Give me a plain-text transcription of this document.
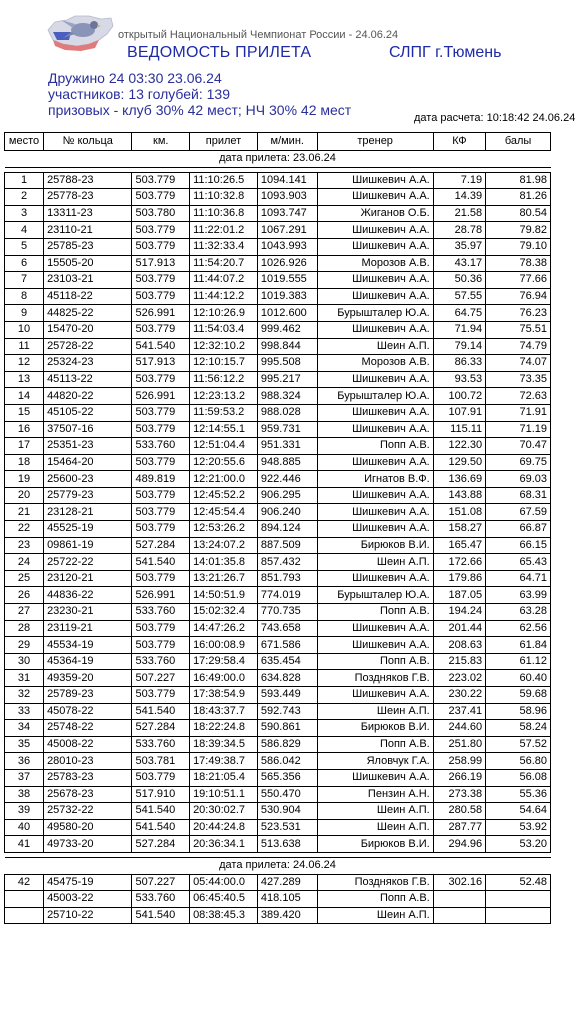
открытый Национальный Чемпионат России - 24.06.24
ВЕДОМОСТЬ ПРИЛЕТА	СЛПГ г.Тюмень
Дружино 24 03:30 23.06.24
участников: 13 голубей: 139
призовых - клуб 30% 42 мест; НЧ 30% 42 мест	дата расчета: 10:18:42 24.06.24
место	№ кольца	км.	прилет	м/мин.	тренер	КФ	балы
дата прилета: 23.06.24							

1	25788-23	503.779	11:10:26.5	1094.141	Шишкевич А.А.	7.19	81.98
2	25778-23	503.779	11:10:32.8	1093.903	Шишкевич А.А.	14.39	81.26
3	13311-23	503.780	11:10:36.8	1093.747	Жиганов О.Б.	21.58	80.54
4	23110-21	503.779	11:22:01.2	1067.291	Шишкевич А.А.	28.78	79.82
5	25785-23	503.779	11:32:33.4	1043.993	Шишкевич А.А.	35.97	79.10
6	15505-20	517.913	11:54:20.7	1026.926	Морозов А.В.	43.17	78.38
7	23103-21	503.779	11:44:07.2	1019.555	Шишкевич А.А.	50.36	77.66
8	45118-22	503.779	11:44:12.2	1019.383	Шишкевич А.А.	57.55	76.94
9	44825-22	526.991	12:10:26.9	1012.600	Бурышталер Ю.А.	64.75	76.23
10	15470-20	503.779	11:54:03.4	999.462	Шишкевич А.А.	71.94	75.51
11	25728-22	541.540	12:32:10.2	998.844	Шеин А.П.	79.14	74.79
12	25324-23	517.913	12:10:15.7	995.508	Морозов А.В.	86.33	74.07
13	45113-22	503.779	11:56:12.2	995.217	Шишкевич А.А.	93.53	73.35
14	44820-22	526.991	12:23:13.2	988.324	Бурышталер Ю.А.	100.72	72.63
15	45105-22	503.779	11:59:53.2	988.028	Шишкевич А.А.	107.91	71.91
16	37507-16	503.779	12:14:55.1	959.731	Шишкевич А.А.	115.11	71.19
17	25351-23	533.760	12:51:04.4	951.331	Попп А.В.	122.30	70.47
18	15464-20	503.779	12:20:55.6	948.885	Шишкевич А.А.	129.50	69.75
19	25600-23	489.819	12:21:00.0	922.446	Игнатов В.Ф.	136.69	69.03
20	25779-23	503.779	12:45:52.2	906.295	Шишкевич А.А.	143.88	68.31
21	23128-21	503.779	12:45:54.4	906.240	Шишкевич А.А.	151.08	67.59
22	45525-19	503.779	12:53:26.2	894.124	Шишкевич А.А.	158.27	66.87
23	09861-19	527.284	13:24:07.2	887.509	Бирюков В.И.	165.47	66.15
24	25722-22	541.540	14:01:35.8	857.432	Шеин А.П.	172.66	65.43
25	23120-21	503.779	13:21:26.7	851.793	Шишкевич А.А.	179.86	64.71
26	44836-22	526.991	14:50:51.9	774.019	Бурышталер Ю.А.	187.05	63.99
27	23230-21	533.760	15:02:32.4	770.735	Попп А.В.	194.24	63.28
28	23119-21	503.779	14:47:26.2	743.658	Шишкевич А.А.	201.44	62.56
29	45534-19	503.779	16:00:08.9	671.586	Шишкевич А.А.	208.63	61.84
30	45364-19	533.760	17:29:58.4	635.454	Попп А.В.	215.83	61.12
31	49359-20	507.227	16:49:00.0	634.828	Поздняков Г.В.	223.02	60.40
32	25789-23	503.779	17:38:54.9	593.449	Шишкевич А.А.	230.22	59.68
33	45078-22	541.540	18:43:37.7	592.743	Шеин А.П.	237.41	58.96
34	25748-22	527.284	18:22:24.8	590.861	Бирюков В.И.	244.60	58.24
35	45008-22	533.760	18:39:34.5	586.829	Попп А.В.	251.80	57.52
36	28010-23	503.781	17:49:38.7	586.042	Яловчук Г.А.	258.99	56.80
37	25783-23	503.779	18:21:05.4	565.356	Шишкевич А.А.	266.19	56.08
38	25678-23	517.910	19:10:51.1	550.470	Пензин А.Н.	273.38	55.36
39	25732-22	541.540	20:30:02.7	530.904	Шеин А.П.	280.58	54.64
40	49580-20	541.540	20:44:24.8	523.531	Шеин А.П.	287.77	53.92
41	49733-20	527.284	20:36:34.1	513.638	Бирюков В.И.	294.96	53.20

дата прилета: 24.06.24							
42	45475-19	507.227	05:44:00.0	427.289	Поздняков Г.В.	302.16	52.48
	45003-22	533.760	06:45:40.5	418.105	Попп А.В.		
	25710-22	541.540	08:38:45.3	389.420	Шеин А.П.		
